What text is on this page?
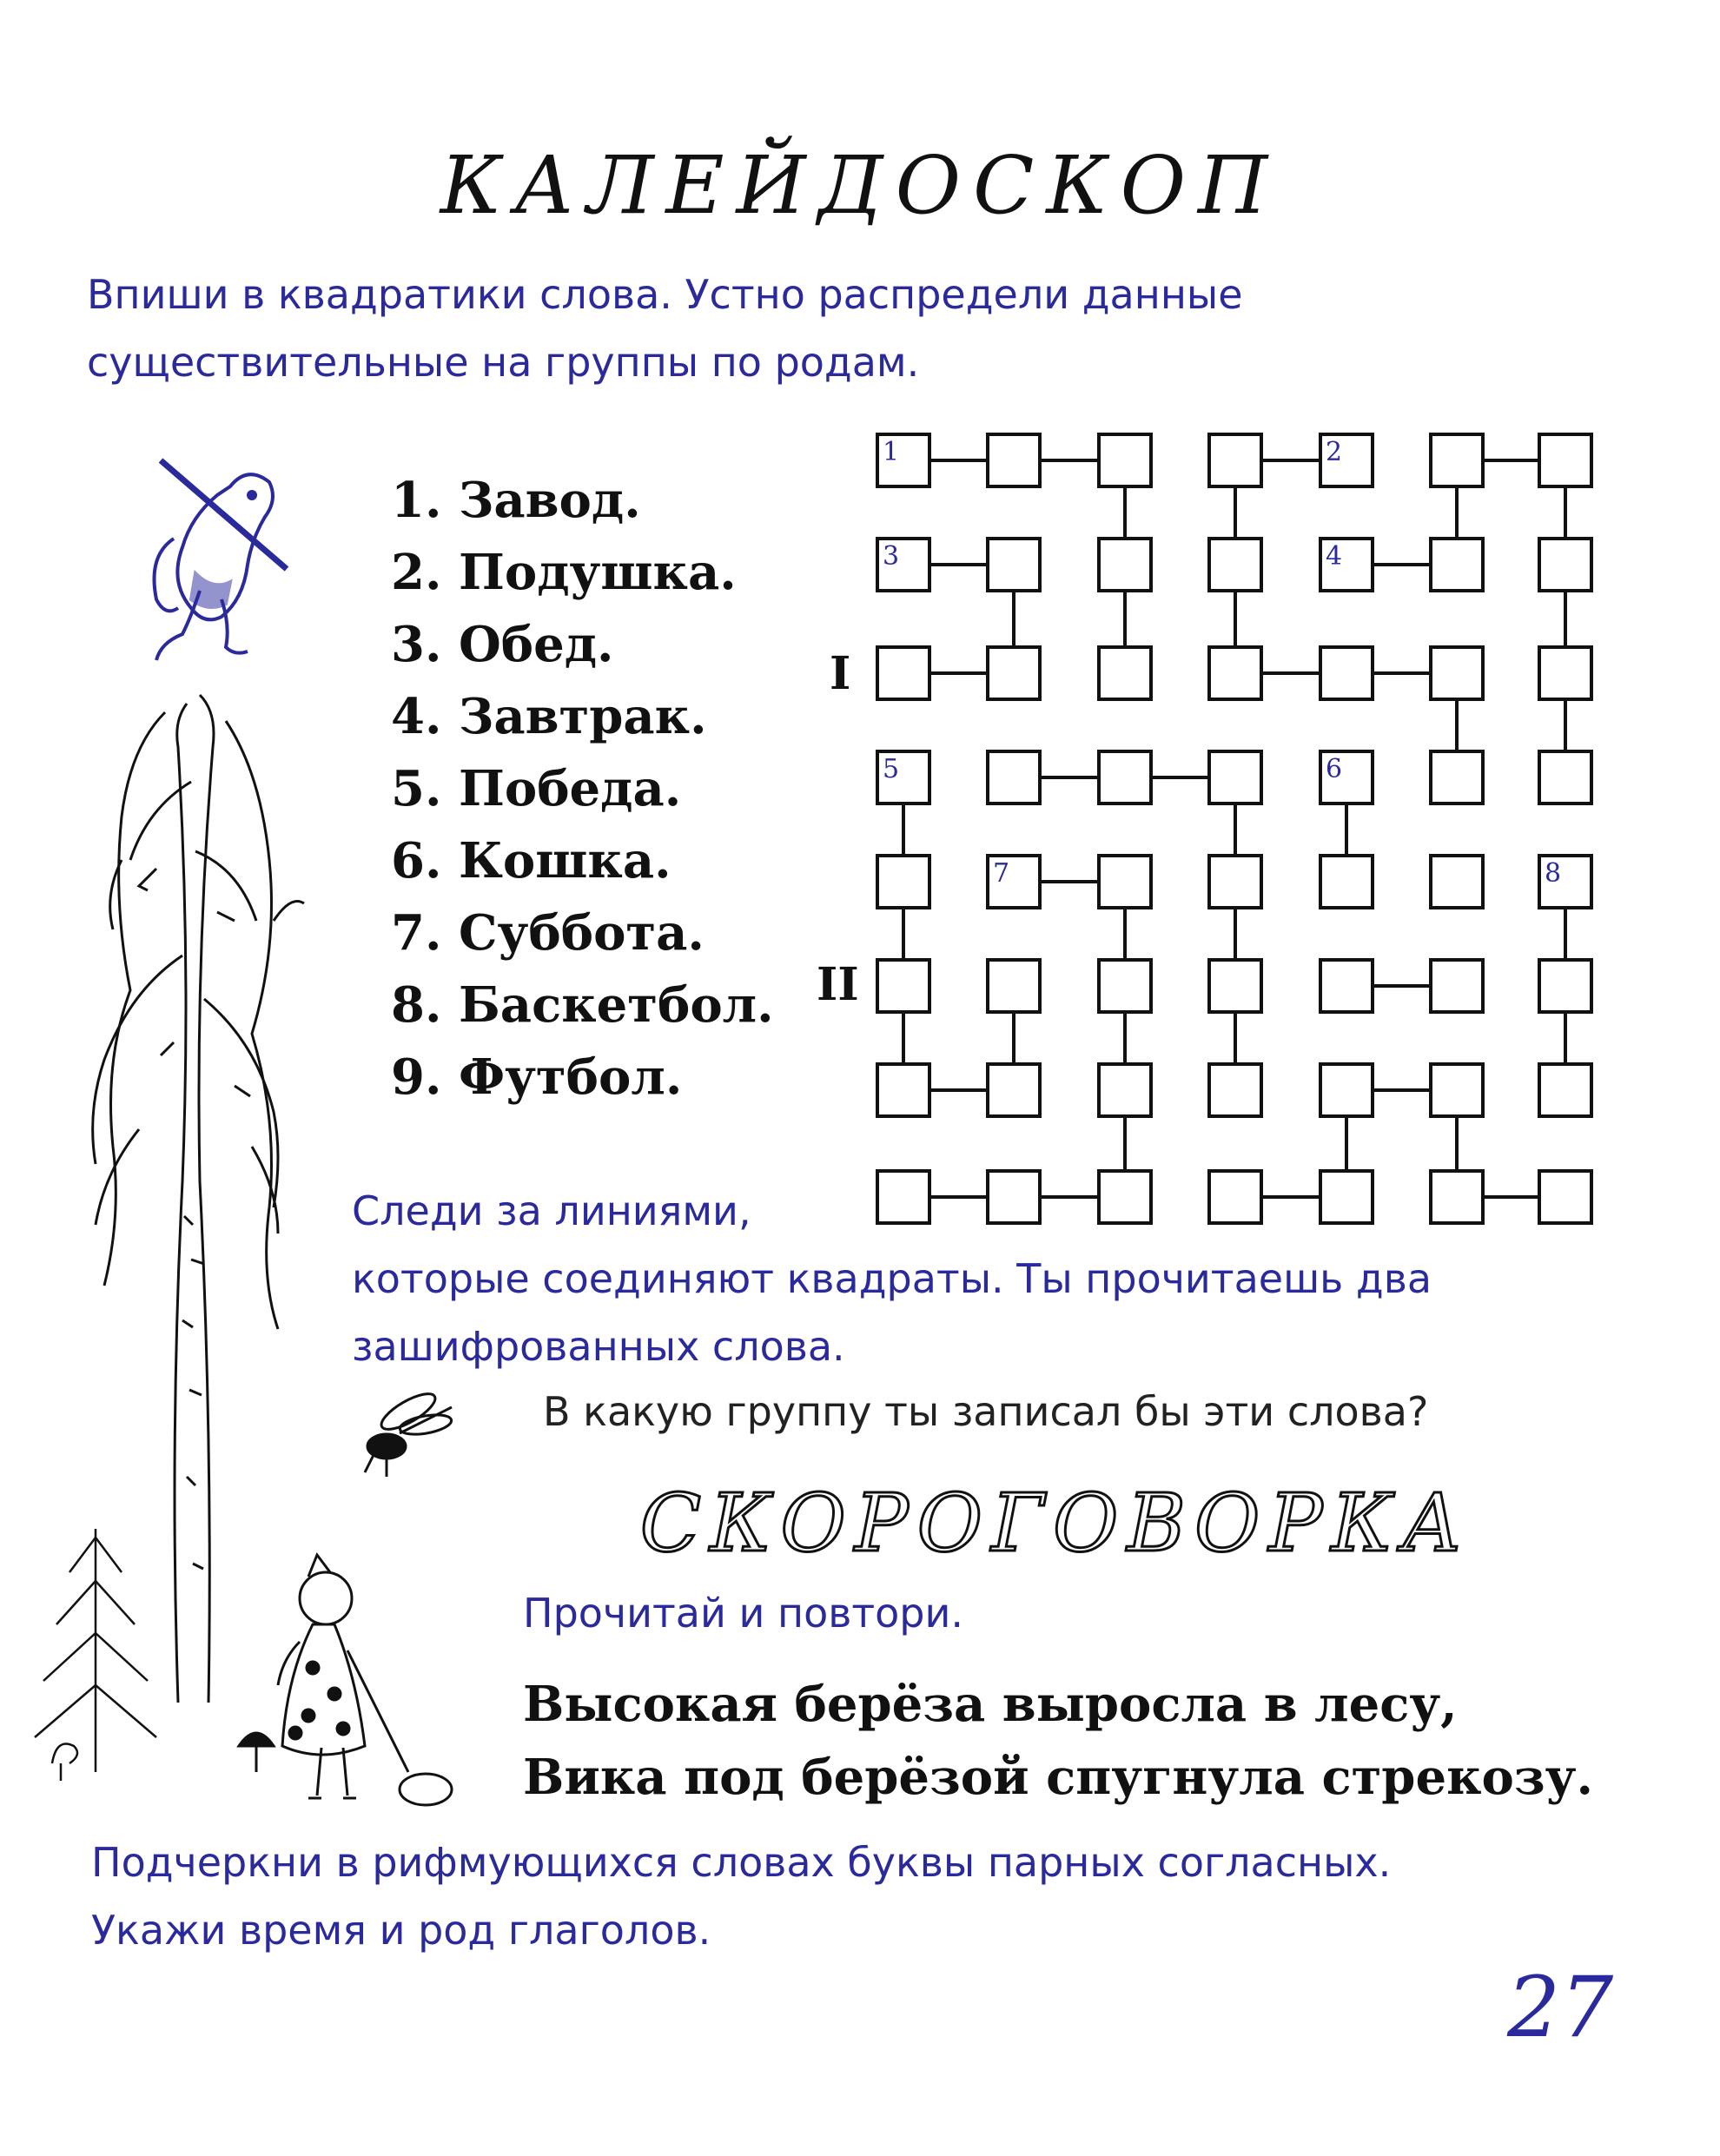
КАЛЕЙДОСКОП
Впиши в квадратики слова. Устно распредели данные
существительные на группы по родам.
1. Завод.
2. Подушка.
3. Обед.
4. Завтрак.
5. Победа.
6. Кошка.
7. Суббота.
8. Баскетбол.
9. Футбол.
I
II
1	2
3	4
5	6
7	8
Следи за линиями,
которые соединяют квадраты. Ты прочитаешь два
зашифрованных слова.
В какую группу ты записал бы эти слова?
СКОРОГОВОРКА
Прочитай и повтори.
Высокая берёза выросла в лесу,
Вика под берёзой спугнула стрекозу.
Подчеркни в рифмующихся словах буквы парных согласных.
Укажи время и род глаголов.
27
